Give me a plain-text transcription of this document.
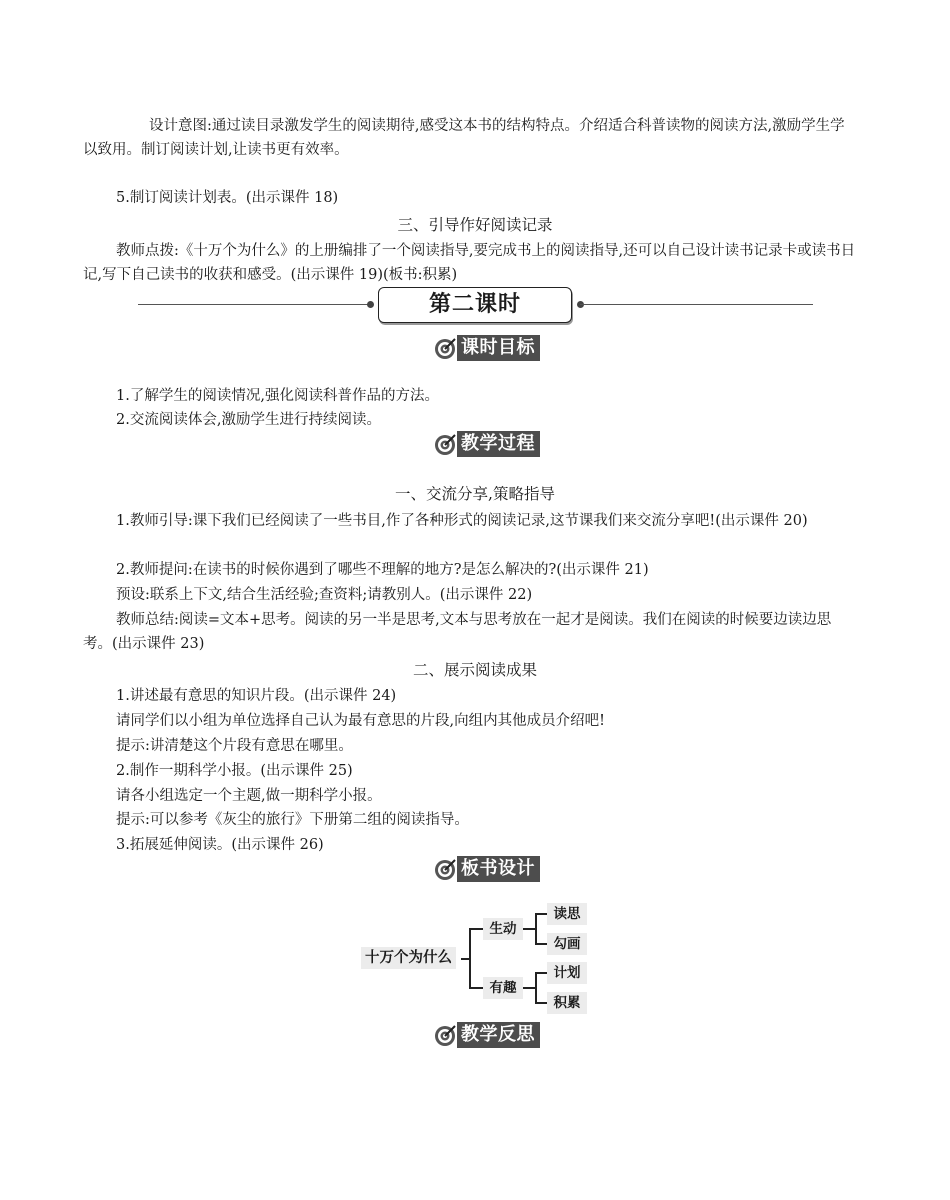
设计意图:通过读目录激发学生的阅读期待,感受这本书的结构特点。介绍适合科普读物的阅读方法,激励学生学以致用。制订阅读计划,让读书更有效率。

5.制订阅读计划表。(出示课件 18)

三、引导作好阅读记录

教师点拨:《十万个为什么》的上册编排了一个阅读指导,要完成书上的阅读指导,还可以自己设计读书记录卡或读书日记,写下自己读书的收获和感受。(出示课件 19)(板书:积累)

第二课时
课时目标

1.了解学生的阅读情况,强化阅读科普作品的方法。

2.交流阅读体会,激励学生进行持续阅读。

教学过程

一、交流分享,策略指导

1.教师引导:课下我们已经阅读了一些书目,作了各种形式的阅读记录,这节课我们来交流分享吧!(出示课件 20)

2.教师提问:在读书的时候你遇到了哪些不理解的地方?是怎么解决的?(出示课件 21)

预设:联系上下文,结合生活经验;查资料;请教别人。(出示课件 22)

教师总结:阅读=文本+思考。阅读的另一半是思考,文本与思考放在一起才是阅读。我们在阅读的时候要边读边思考。(出示课件 23)

二、展示阅读成果

1.讲述最有意思的知识片段。(出示课件 24)

请同学们以小组为单位选择自己认为最有意思的片段,向组内其他成员介绍吧!

提示:讲清楚这个片段有意思在哪里。

2.制作一期科学小报。(出示课件 25)

请各小组选定一个主题,做一期科学小报。

提示:可以参考《灰尘的旅行》下册第二组的阅读指导。

3.拓展延伸阅读。(出示课件 26)

板书设计
十万个为什么
生动
有趣
读思
勾画
计划
积累
教学反思
